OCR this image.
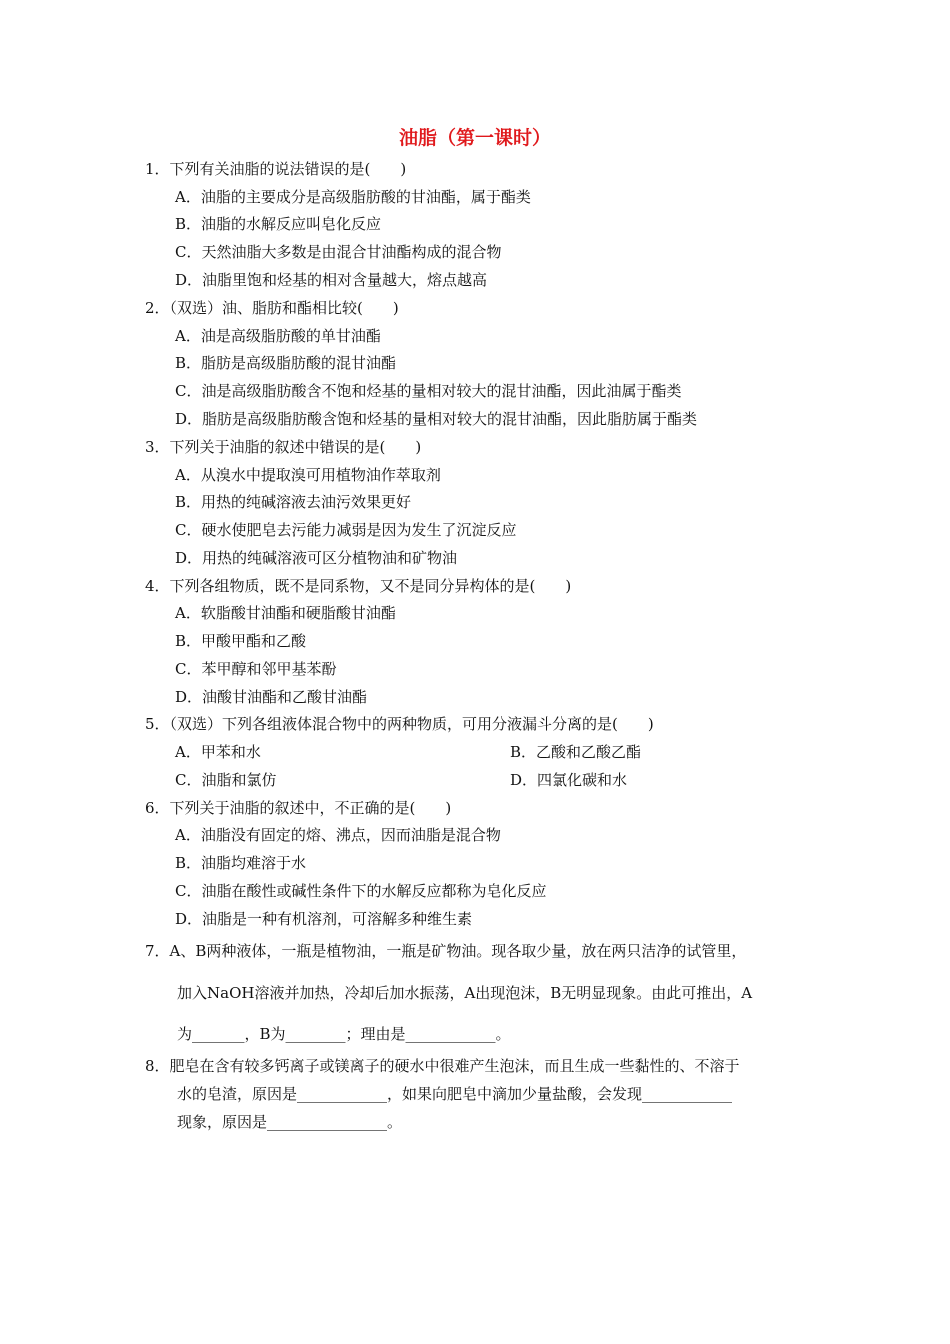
油脂（第一课时）
1．下列有关油脂的说法错误的是(　　)
A．油脂的主要成分是高级脂肪酸的甘油酯，属于酯类
B．油脂的水解反应叫皂化反应
C．天然油脂大多数是由混合甘油酯构成的混合物
D．油脂里饱和烃基的相对含量越大，熔点越高
2．（双选）油、脂肪和酯相比较(　　)
A．油是高级脂肪酸的单甘油酯
B．脂肪是高级脂肪酸的混甘油酯
C．油是高级脂肪酸含不饱和烃基的量相对较大的混甘油酯，因此油属于酯类
D．脂肪是高级脂肪酸含饱和烃基的量相对较大的混甘油酯，因此脂肪属于酯类
3．下列关于油脂的叙述中错误的是(　　)
A．从溴水中提取溴可用植物油作萃取剂
B．用热的纯碱溶液去油污效果更好
C．硬水使肥皂去污能力减弱是因为发生了沉淀反应
D．用热的纯碱溶液可区分植物油和矿物油
4．下列各组物质，既不是同系物，又不是同分异构体的是(　　)
A．软脂酸甘油酯和硬脂酸甘油酯
B．甲酸甲酯和乙酸
C．苯甲醇和邻甲基苯酚
D．油酸甘油酯和乙酸甘油酯
5．（双选）下列各组液体混合物中的两种物质，可用分液漏斗分离的是(　　)
A．甲苯和水	B．乙酸和乙酸乙酯
C．油脂和氯仿	D．四氯化碳和水
6．下列关于油脂的叙述中，不正确的是(　　)
A．油脂没有固定的熔、沸点，因而油脂是混合物
B．油脂均难溶于水
C．油脂在酸性或碱性条件下的水解反应都称为皂化反应
D．油脂是一种有机溶剂，可溶解多种维生素
7．A、B两种液体，一瓶是植物油，一瓶是矿物油。现各取少量，放在两只洁净的试管里，
加入NaOH溶液并加热，冷却后加水振荡，A出现泡沫，B无明显现象。由此可推出，A
为_______，B为________；理由是____________。
8．肥皂在含有较多钙离子或镁离子的硬水中很难产生泡沫，而且生成一些黏性的、不溶于
水的皂渣，原因是____________，如果向肥皂中滴加少量盐酸，会发现____________
现象，原因是________________。
